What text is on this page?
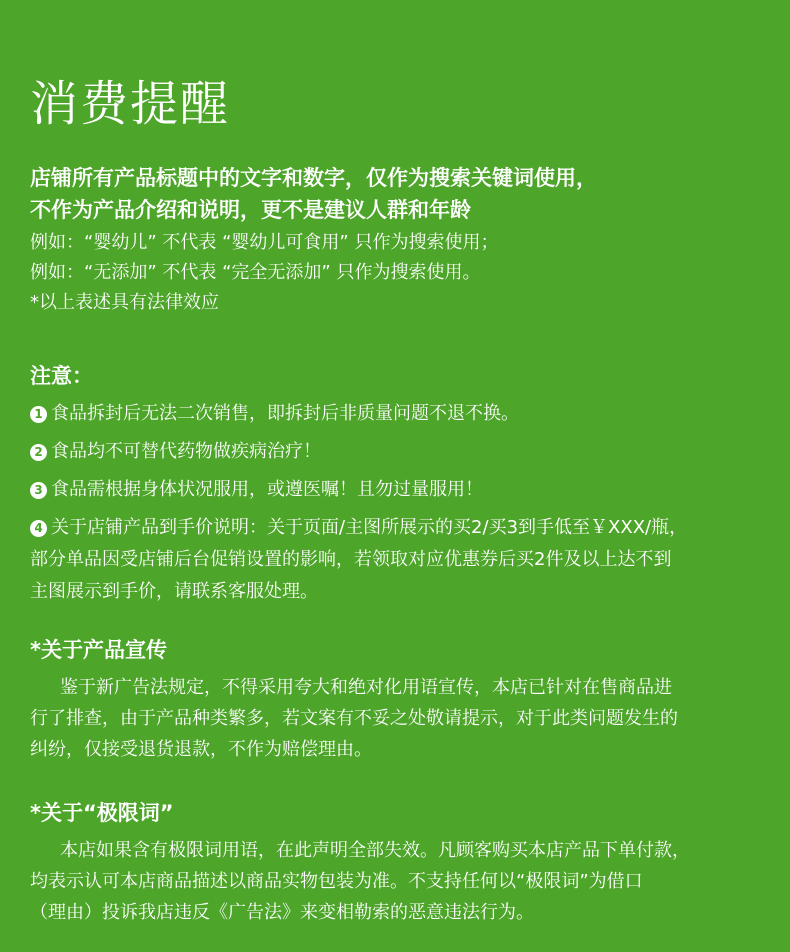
消费提醒

店铺所有产品标题中的文字和数字，仅作为搜索关键词使用，

不作为产品介绍和说明，更不是建议人群和年龄

例如：“婴幼儿” 不代表 “婴幼儿可食用” 只作为搜索使用；

例如：“无添加” 不代表 “完全无添加” 只作为搜索使用。

*以上表述具有法律效应

注意：

1 食品拆封后无法二次销售，即拆封后非质量问题不退不换。

2 食品均不可替代药物做疾病治疗！

3 食品需根据身体状况服用，或遵医嘱！且勿过量服用！

4 关于店铺产品到手价说明：关于页面/主图所展示的买2/买3到手低至￥XXX/瓶，

部分单品因受店铺后台促销设置的影响，若领取对应优惠券后买2件及以上达不到

主图展示到手价，请联系客服处理。

*关于产品宣传

鉴于新广告法规定，不得采用夸大和绝对化用语宣传，本店已针对在售商品进
行了排查，由于产品种类繁多，若文案有不妥之处敬请提示，对于此类问题发生的
纠纷，仅接受退货退款，不作为赔偿理由。

*关于“极限词”

本店如果含有极限词用语，在此声明全部失效。凡顾客购买本店产品下单付款，
均表示认可本店商品描述以商品实物包装为准。不支持任何以“极限词”为借口
（理由）投诉我店违反《广告法》来变相勒索的恶意违法行为。
